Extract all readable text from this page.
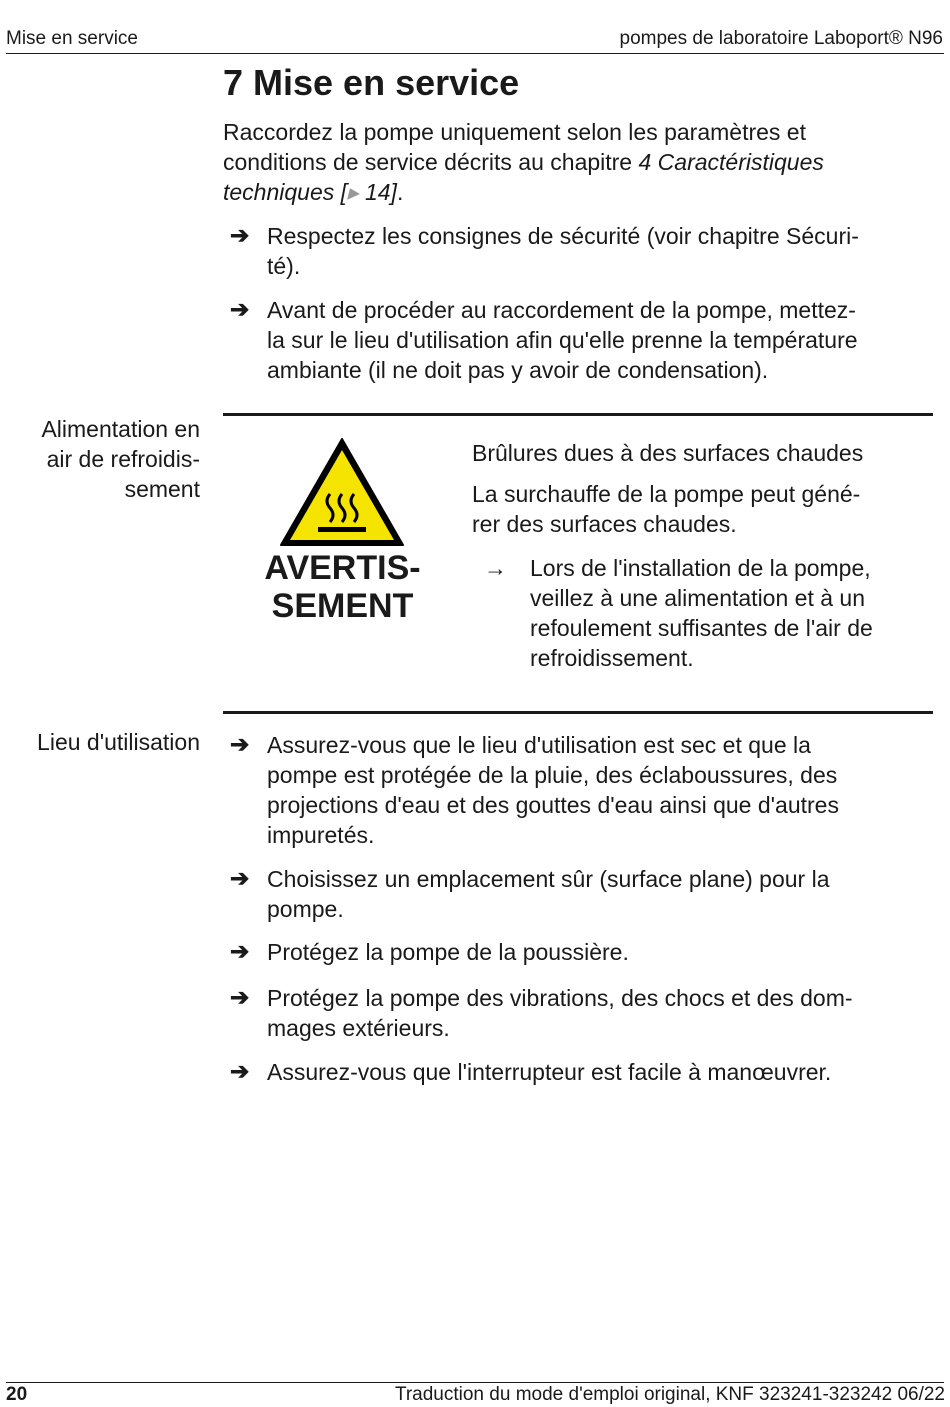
Mise en service	pompes de laboratoire Laboport® N96
7 Mise en service
Raccordez la pompe uniquement selon les paramètres et
conditions de service décrits au chapitre 4 Caractéristiques
techniques [▸ 14].
➔ Respectez les consignes de sécurité (voir chapitre Sécuri-
té).
➔ Avant de procéder au raccordement de la pompe, mettez-
la sur le lieu d'utilisation afin qu'elle prenne la température
ambiante (il ne doit pas y avoir de condensation).
Alimentation en
air de refroidis-
sement
AVERTIS-
SEMENT
Brûlures dues à des surfaces chaudes
La surchauffe de la pompe peut géné-
rer des surfaces chaudes.
→ Lors de l'installation de la pompe,
veillez à une alimentation et à un
refoulement suffisantes de l'air de
refroidissement.
Lieu d'utilisation ➔ Assurez-vous que le lieu d'utilisation est sec et que la
pompe est protégée de la pluie, des éclaboussures, des
projections d'eau et des gouttes d'eau ainsi que d'autres
impuretés.
➔ Choisissez un emplacement sûr (surface plane) pour la
pompe.
➔ Protégez la pompe de la poussière.
➔ Protégez la pompe des vibrations, des chocs et des dom-
mages extérieurs.
➔ Assurez-vous que l'interrupteur est facile à manœuvrer.
20	Traduction du mode d'emploi original, KNF 323241-323242 06/22
